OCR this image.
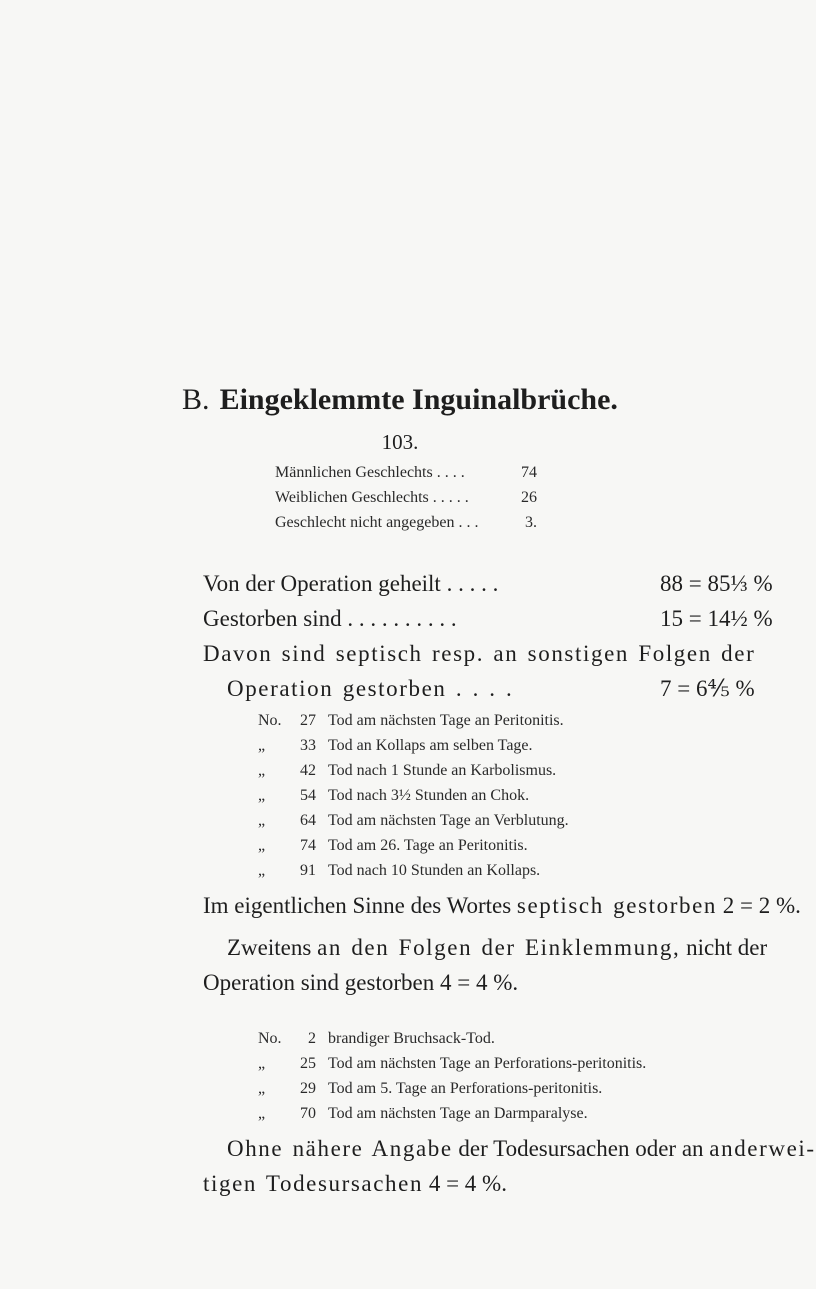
B. Eingeklemmte Inguinalbrüche.
103.
Männlichen Geschlechts . . . .	74
Weiblichen Geschlechts . . . . .	26
Geschlecht nicht angegeben . . .	3.
Von der Operation geheilt . . . . .	88 = 85⅓ %
Gestorben sind . . . . . . . . . .	15 = 14½ %
Davon sind septisch resp. an sonstigen Folgen der
Operation gestorben . . . .	7 = 6⅘ %
No.	27 Tod am nächsten Tage an Peritonitis.
„	33 Tod an Kollaps am selben Tage.
„	42 Tod nach 1 Stunde an Karbolismus.
„	54 Tod nach 3½ Stunden an Chok.
„	64 Tod am nächsten Tage an Verblutung.
„	74 Tod am 26. Tage an Peritonitis.
„	91 Tod nach 10 Stunden an Kollaps.
Im eigentlichen Sinne des Wortes septisch gestorben 2 = 2 %.
Zweitens an den Folgen der Einklemmung, nicht der
Operation sind gestorben 4 = 4 %.
No.	2 brandiger Bruchsack-Tod.
„	25 Tod am nächsten Tage an Perforations-peritonitis.
„	29 Tod am 5. Tage an Perforations-peritonitis.
„	70 Tod am nächsten Tage an Darmparalyse.
Ohne nähere Angabe der Todesursachen oder an anderwei-
tigen Todesursachen 4 = 4 %.
